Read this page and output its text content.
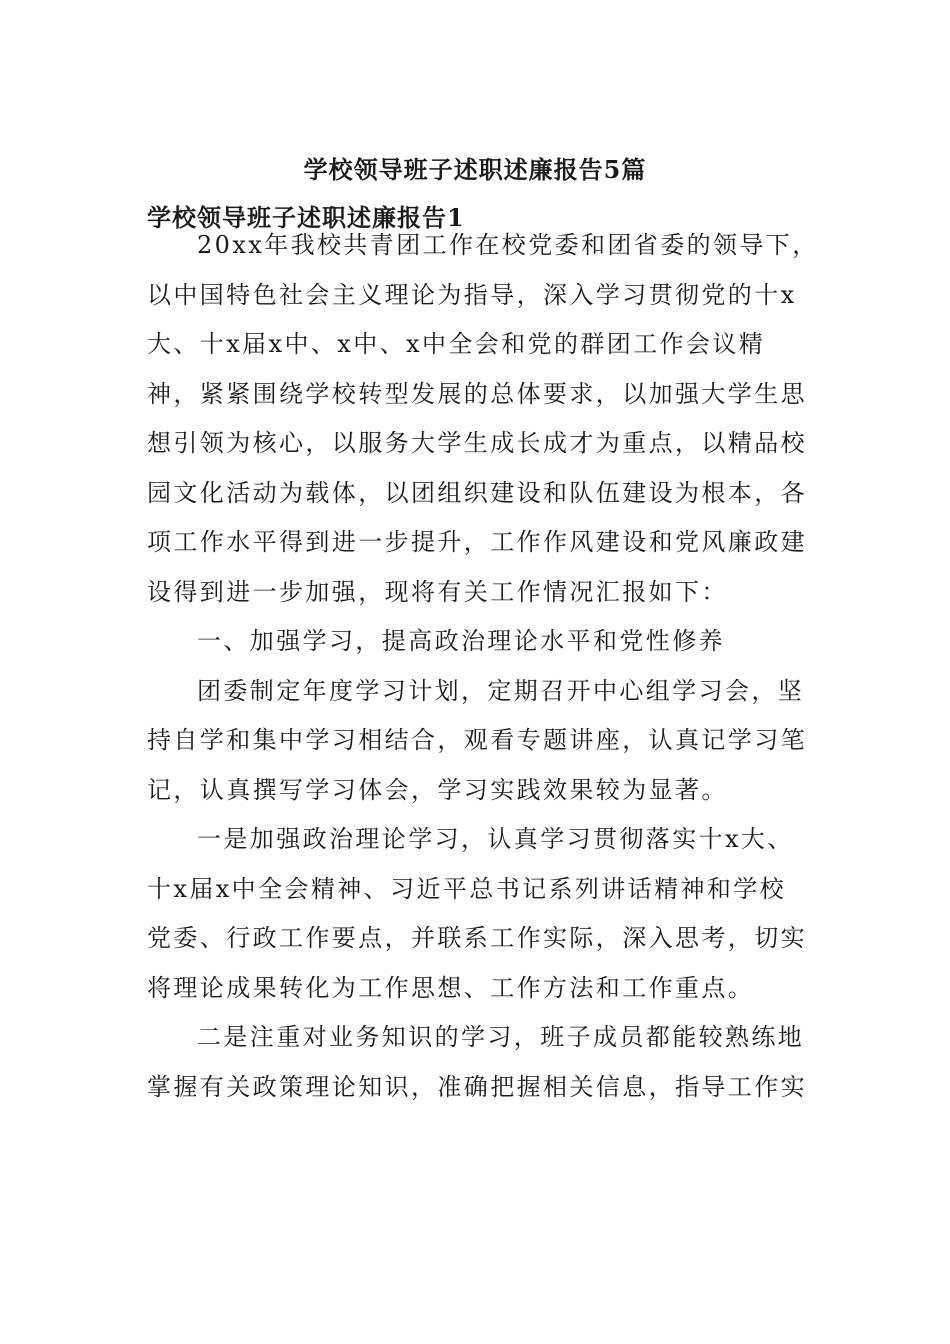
学校领导班子述职述廉报告5篇
学校领导班子述职述廉报告1
20xx年我校共青团工作在校党委和团省委的领导下，
以中国特色社会主义理论为指导，深入学习贯彻党的十x
大、十x届x中、x中、x中全会和党的群团工作会议精
神，紧紧围绕学校转型发展的总体要求，以加强大学生思
想引领为核心，以服务大学生成长成才为重点，以精品校
园文化活动为载体，以团组织建设和队伍建设为根本，各
项工作水平得到进一步提升，工作作风建设和党风廉政建
设得到进一步加强，现将有关工作情况汇报如下：
一、加强学习，提高政治理论水平和党性修养
团委制定年度学习计划，定期召开中心组学习会，坚
持自学和集中学习相结合，观看专题讲座，认真记学习笔
记，认真撰写学习体会，学习实践效果较为显著。
一是加强政治理论学习，认真学习贯彻落实十x大、
十x届x中全会精神、习近平总书记系列讲话精神和学校
党委、行政工作要点，并联系工作实际，深入思考，切实
将理论成果转化为工作思想、工作方法和工作重点。
二是注重对业务知识的学习，班子成员都能较熟练地
掌握有关政策理论知识，准确把握相关信息，指导工作实
